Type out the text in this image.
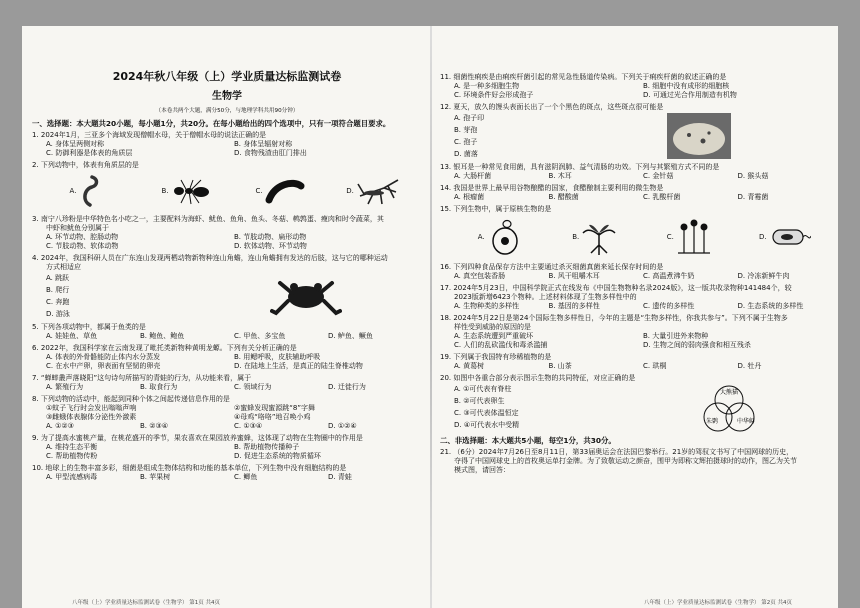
2024年秋八年级（上）学业质量达标监测试卷
生物学
（本卷共两个大题，满分50分，与地理学科共用90分钟）
一、选择题：本大题共20小题，每小题1分，共20分。在每小题给出的四个选项中，只有一项符合题目要求。
1. 2024年1月，三亚多个海域发现僧帽水母，关于僧帽水母的说法正确的是
A. 身体呈两侧对称	B. 身体呈辐射对称
C. 防御利器是体表的角质层	D. 食物残渣由肛门排出
2. 下列动物中，体表有角质层的是
A.	B.	C.	D.
3. 南宁八珍粉是中华特色名小吃之一，主要配料为海虾、鱿鱼、鱼角、鱼头、冬菇、鹌鹑蛋、瘦肉和时令蔬菜，其
中虾和鱿鱼分别属于
A. 环节动物、腔肠动物	B. 节肢动物、扁形动物
C. 节肢动物、软体动物	D. 软体动物、环节动物
4. 2024年，我国科研人员在广东连山发现两栖动物新物种连山角蟾，连山角蟾拥有发达的后肢，这与它的哪种运动
方式相适应
A. 跳跃
B. 爬行
C. 奔跑
D. 游泳
5. 下列各项动物中，都属于鱼类的是
A. 娃娃鱼、草鱼	B. 鲍鱼、鲍鱼	C. 甲鱼、多宝鱼	D. 鲈鱼、鳜鱼
6. 2022年，我国科学家在云南发现了毗托类新物种黄明龙螈。下列有关分析正确的是
A. 体表的外骨骼能防止体内水分蒸发	B. 用鳃呼吸，皮肤辅助呼吸
C. 在水中产卵，卵表面有坚韧的卵壳	D. 在陆地上生活，是真正的陆生脊椎动物
7. “蝉蟀叢声落晓阳”这句诗句所描写的青蛙的行为，从功能来看，属于
A. 繁殖行为	B. 取食行为	C. 领域行为	D. 迁徙行为
8. 下列动物的活动中，能起到同种个体之间起传递信息作用的是
①蚊子飞行时会发出嗡嗡声响	②蜜蜂发现蜜源跳“8”字舞
③雌蛾体表腺体分泌性外激素	④母鸡“咯咯”地召唤小鸡
A. ①②③	B. ②③④	C. ①③④	D. ①②④
9. 为了提高水蜜桃产量，在桃花盛开的季节，果农喜欢在果园放养蜜蜂，这体现了动物在生物圈中的作用是
A. 维持生态平衡	B. 帮助植物传播种子
C. 帮助植物传粉	D. 促进生态系统的物质循环
10. 地球上的生物丰富多彩，细菌是组成生物体结构和功能的基本单位，下列生物中没有细胞结构的是
A. 甲型流感病毒	B. 苹果树	C. 鲫鱼	D. 青蛙
八年级（上）学业质量达标监测试卷（生物学） 第1页 共4页
11. 细菌性痢疾是由痢疾杆菌引起的常见急性肠道传染病。下列关于痢疾杆菌的叙述正确的是
A. 是一种多细胞生物	B. 细胞中没有成形的细胞核
C. 环境条件好会形成孢子	D. 可通过光合作用制造有机物
12. 夏天，放久的馒头表面长出了一个个黑色的斑点，这些斑点很可能是
A. 孢子印
B. 芽孢
C. 孢子
D. 菌落
13. 银耳是一种常见食用菌，具有滋阴润肺、益气清肠的功效。下列与其繁殖方式不同的是
A. 大肠杆菌	B. 木耳	C. 金针菇	D. 猴头菇
14. 我国是世界上最早用谷物酿醋的国家，食醋酿制主要利用的微生物是
A. 根瘤菌	B. 醋酸菌	C. 乳酸杆菌	D. 青霉菌
15. 下列生物中，属于原核生物的是
A.	B.	C.	D.
16. 下列四种食品保存方法中主要通过杀灭细菌真菌来延长保存时间的是
A. 真空包装香肠	B. 风干咀嚼木耳	C. 高温煮沸牛奶	D. 冷冻新鲜牛肉
17. 2024年5月23日，中国科学院正式在线发布《中国生物物种名录2024版》，这一版共收录物种141484个，较
2023版新增6423个物种。上述材料体现了生物多样性中的
A. 生物种类的多样性	B. 基因的多样性	C. 遗传的多样性	D. 生态系统的多样性
18. 2024年5月22日是第24个国际生物多样性日，今年的主题是“生物多样性，你我共参与”。下列不属于生物多
样性受到威胁的原因的是
A. 生态系统遭到严重破坏	B. 大量引进外来物种
C. 人们的乱砍滥伐和毒杀滥捕	D. 生物之间的弱肉强食和相互残杀
19. 下列属于我国特有珍稀植物的是
A. 黄葛树	B. 山茶	C. 珙桐	D. 牡丹
20. 如图中各重合部分表示图示生物的共同特征，对应正确的是
A. ①可代表有脊柱
B. ②可代表卵生
C. ③可代表体温恒定
D. ④可代表水中受精
大熊猫
朱鹮	中华鲟
二、非选择题：本大题共5小题，每空1分，共30分。
21. （6分）2024年7月26日至8月11日，第33届奥运会在法国巴黎举行。21岁的驾驭文书写了中国网球的历史，
夺得了中国网球史上的首枚奥运单打金牌。为了致敬运动之颜奋，围甲为即称文辉拍摄球时的动作，图乙为关节
模式图，请回答：
八年级（上）学业质量达标监测试卷（生物学） 第2页 共4页
